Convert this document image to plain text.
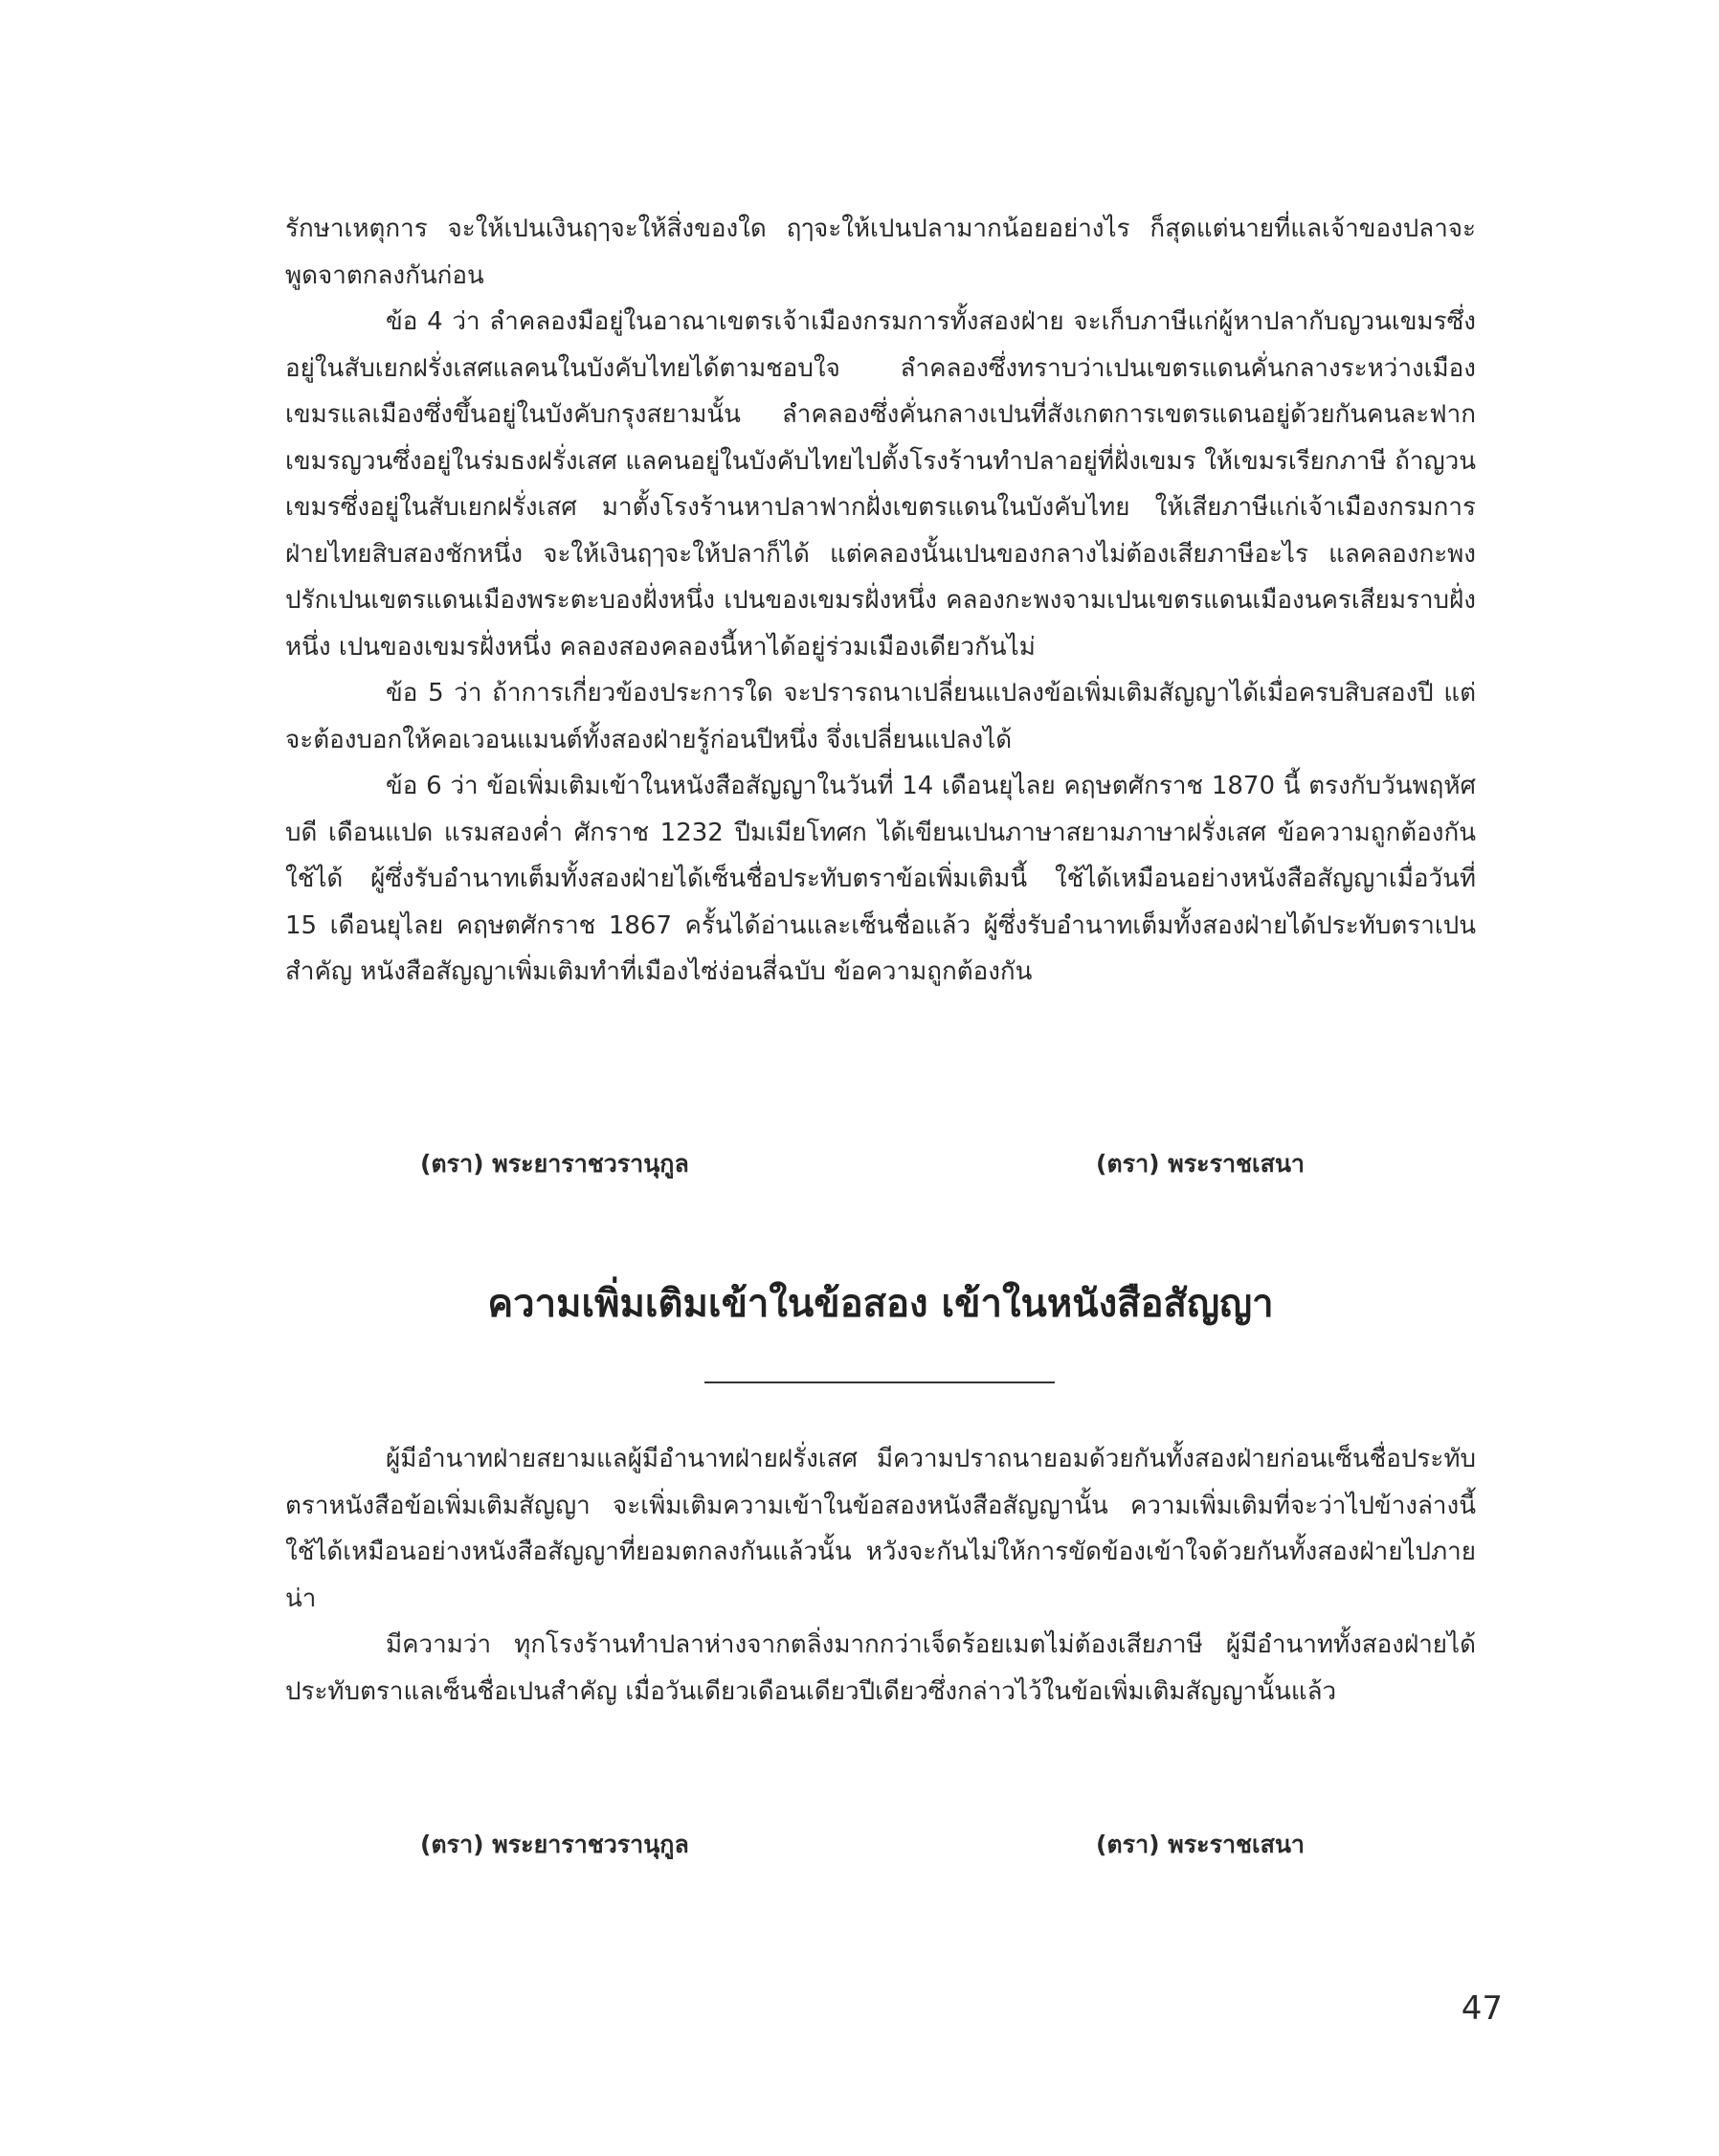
รักษาเหตุการ จะให้เปนเงินฤๅจะให้สิ่งของใด ฤๅจะให้เปนปลามากน้อยอย่างไร ก็สุดแต่นายที่แลเจ้าของปลาจะพูดจาตกลงกันก่อน

ข้อ 4 ว่า ลำคลองมือยู่ในอาณาเขตรเจ้าเมืองกรมการทั้งสองฝ่าย จะเก็บภาษีแก่ผู้หาปลากับญวนเขมรซึ่งอยู่ในสับเยกฝรั่งเสศแลคนในบังคับไทยได้ตามชอบใจ ลำคลองซึ่งทราบว่าเปนเขตรแดนคั่นกลางระหว่างเมืองเขมรแลเมืองซึ่งขึ้นอยู่ในบังคับกรุงสยามนั้น ลำคลองซึ่งคั่นกลางเปนที่สังเกตการเขตรแดนอยู่ด้วยกันคนละฟาก เขมรญวนซึ่งอยู่ในร่มธงฝรั่งเสศ แลคนอยู่ในบังคับไทยไปตั้งโรงร้านทำปลาอยู่ที่ฝั่งเขมร ให้เขมรเรียกภาษี ถ้าญวนเขมรซึ่งอยู่ในสับเยกฝรั่งเสศ มาตั้งโรงร้านหาปลาฟากฝั่งเขตรแดนในบังคับไทย ให้เสียภาษีแก่เจ้าเมืองกรมการฝ่ายไทยสิบสองชักหนึ่ง จะให้เงินฤๅจะให้ปลาก็ได้ แต่คลองนั้นเปนของกลางไม่ต้องเสียภาษีอะไร แลคลองกะพงปรักเปนเขตรแดนเมืองพระตะบองฝั่งหนึ่ง เปนของเขมรฝั่งหนึ่ง คลองกะพงจามเปนเขตรแดนเมืองนครเสียมราบฝั่งหนึ่ง เปนของเขมรฝั่งหนึ่ง คลองสองคลองนี้หาได้อยู่ร่วมเมืองเดียวกันไม่

ข้อ 5 ว่า ถ้าการเกี่ยวข้องประการใด จะปรารถนาเปลี่ยนแปลงข้อเพิ่มเติมสัญญาได้เมื่อครบสิบสองปี แต่จะต้องบอกให้คอเวอนแมนต์ทั้งสองฝ่ายรู้ก่อนปีหนึ่ง จึ่งเปลี่ยนแปลงได้

ข้อ 6 ว่า ข้อเพิ่มเติมเข้าในหนังสือสัญญาในวันที่ 14 เดือนยุไลย คฤษตศักราช 1870 นี้ ตรงกับวันพฤหัศบดี เดือนแปด แรมสองค่ำ ศักราช 1232 ปีมเมียโทศก ได้เขียนเปนภาษาสยามภาษาฝรั่งเสศ ข้อความถูกต้องกันใช้ได้ ผู้ซึ่งรับอำนาทเต็มทั้งสองฝ่ายได้เซ็นชื่อประทับตราข้อเพิ่มเติมนี้ ใช้ได้เหมือนอย่างหนังสือสัญญาเมื่อวันที่ 15 เดือนยุไลย คฤษตศักราช 1867 ครั้นได้อ่านและเซ็นชื่อแล้ว ผู้ซึ่งรับอำนาทเต็มทั้งสองฝ่ายได้ประทับตราเปนสำคัญ หนังสือสัญญาเพิ่มเติมทำที่เมืองไซ่ง่อนสี่ฉบับ ข้อความถูกต้องกัน

(ตรา) พระยาราชวรานุกูล	(ตรา) พระราชเสนา
ความเพิ่มเติมเข้าในข้อสอง เข้าในหนังสือสัญญา

ผู้มีอำนาทฝ่ายสยามแลผู้มีอำนาทฝ่ายฝรั่งเสศ มีความปราถนายอมด้วยกันทั้งสองฝ่ายก่อนเซ็นชื่อประทับตราหนังสือข้อเพิ่มเติมสัญญา จะเพิ่มเติมความเข้าในข้อสองหนังสือสัญญานั้น ความเพิ่มเติมที่จะว่าไปข้างล่างนี้ใช้ได้เหมือนอย่างหนังสือสัญญาที่ยอมตกลงกันแล้วนั้น หวังจะกันไม่ให้การขัดข้องเข้าใจด้วยกันทั้งสองฝ่ายไปภายน่า

มีความว่า ทุกโรงร้านทำปลาห่างจากตลิ่งมากกว่าเจ็ดร้อยเมตไม่ต้องเสียภาษี ผู้มีอำนาททั้งสองฝ่ายได้ประทับตราแลเซ็นชื่อเปนสำคัญ เมื่อวันเดียวเดือนเดียวปีเดียวซึ่งกล่าวไว้ในข้อเพิ่มเติมสัญญานั้นแล้ว

(ตรา) พระยาราชวรานุกูล	(ตรา) พระราชเสนา
47
